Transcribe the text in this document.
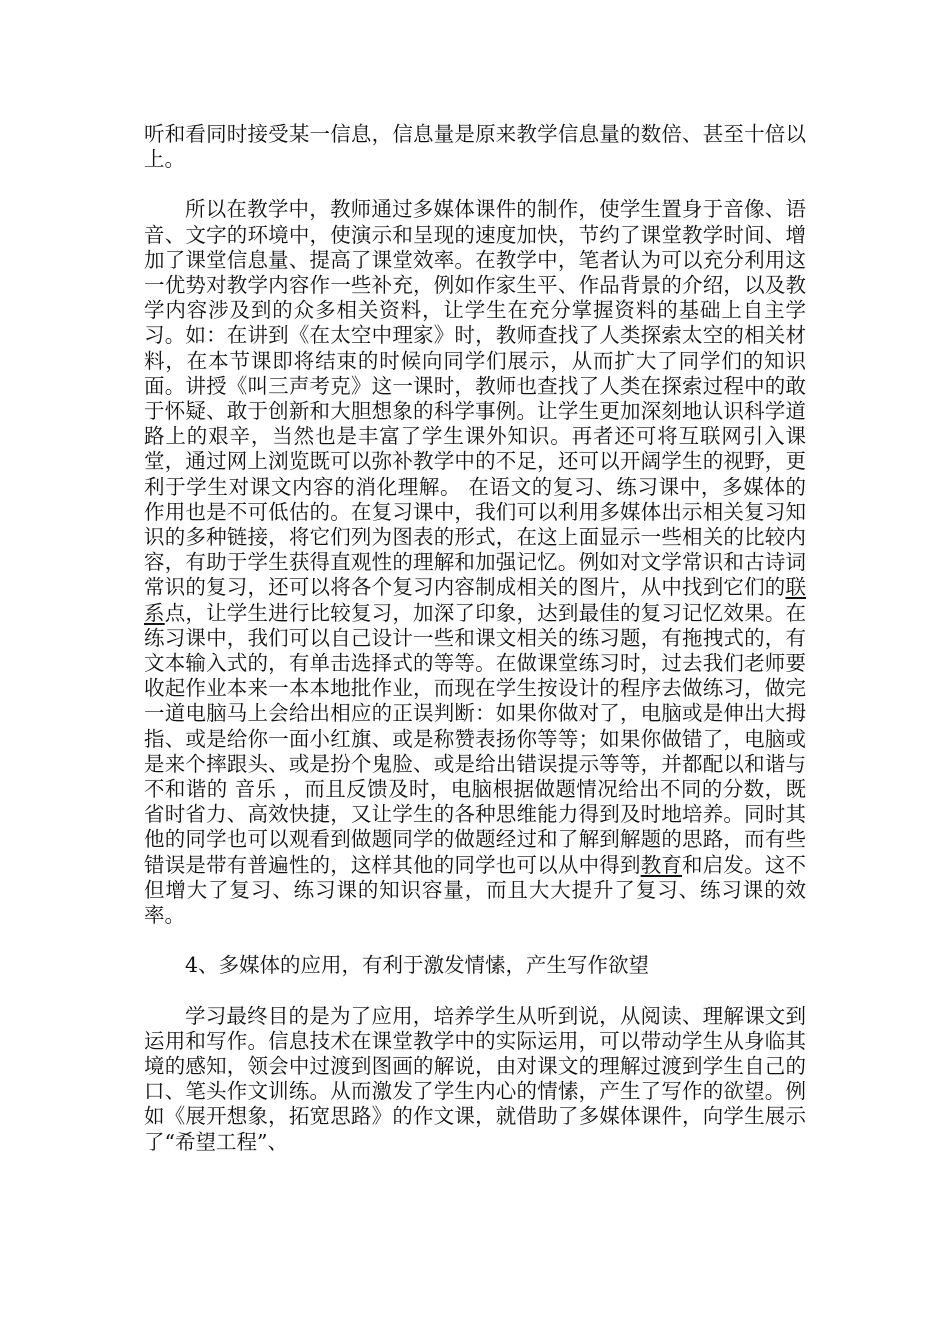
听和看同时接受某一信息，信息量是原来教学信息量的数倍、甚至十倍以上。

所以在教学中，教师通过多媒体课件的制作，使学生置身于音像、语音、文字的环境中，使演示和呈现的速度加快，节约了课堂教学时间、增加了课堂信息量、提高了课堂效率。在教学中，笔者认为可以充分利用这一优势对教学内容作一些补充，例如作家生平、作品背景的介绍，以及教学内容涉及到的众多相关资料，让学生在充分掌握资料的基础上自主学习。如：在讲到《在太空中理家》时，教师查找了人类探索太空的相关材料，在本节课即将结束的时候向同学们展示，从而扩大了同学们的知识面。讲授《叫三声考克》这一课时，教师也查找了人类在探索过程中的敢于怀疑、敢于创新和大胆想象的科学事例。让学生更加深刻地认识科学道路上的艰辛，当然也是丰富了学生课外知识。再者还可将互联网引入课堂，通过网上浏览既可以弥补教学中的不足，还可以开阔学生的视野，更利于学生对课文内容的消化理解。 在语文的复习、练习课中，多媒体的作用也是不可低估的。在复习课中，我们可以利用多媒体出示相关复习知识的多种链接，将它们列为图表的形式，在这上面显示一些相关的比较内容，有助于学生获得直观性的理解和加强记忆。例如对文学常识和古诗词常识的复习，还可以将各个复习内容制成相关的图片，从中找到它们的联系点，让学生进行比较复习，加深了印象，达到最佳的复习记忆效果。在练习课中，我们可以自己设计一些和课文相关的练习题，有拖拽式的，有文本输入式的，有单击选择式的等等。在做课堂练习时，过去我们老师要收起作业本来一本本地批作业，而现在学生按设计的程序去做练习，做完一道电脑马上会给出相应的正误判断：如果你做对了，电脑或是伸出大拇指、或是给你一面小红旗、或是称赞表扬你等等；如果你做错了，电脑或是来个摔跟头、或是扮个鬼脸、或是给出错误提示等等，并都配以和谐与不和谐的 音乐 ，而且反馈及时，电脑根据做题情况给出不同的分数，既省时省力、高效快捷，又让学生的各种思维能力得到及时地培养。同时其他的同学也可以观看到做题同学的做题经过和了解到解题的思路，而有些错误是带有普遍性的，这样其他的同学也可以从中得到教育和启发。这不但增大了复习、练习课的知识容量，而且大大提升了复习、练习课的效率。

4、多媒体的应用，有利于激发情愫，产生写作欲望

学习最终目的是为了应用，培养学生从听到说，从阅读、理解课文到运用和写作。信息技术在课堂教学中的实际运用，可以带动学生从身临其境的感知，领会中过渡到图画的解说，由对课文的理解过渡到学生自己的口、笔头作文训练。从而激发了学生内心的情愫，产生了写作的欲望。例如《展开想象，拓宽思路》的作文课，就借助了多媒体课件，向学生展示了“希望工程”、
